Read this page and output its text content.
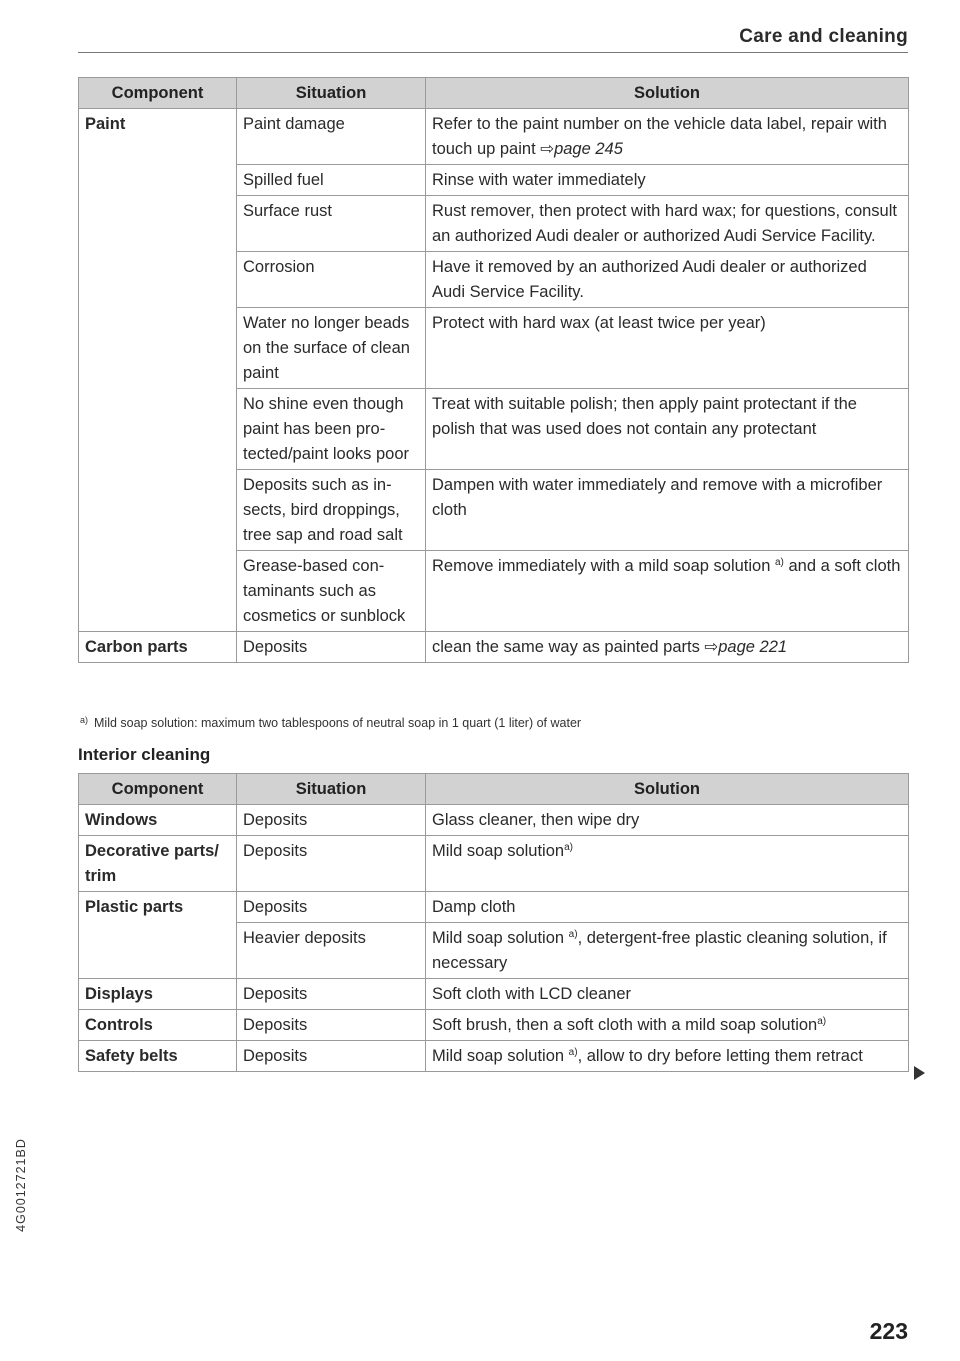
Care and cleaning
Component	Situation	Solution
Paint	Paint damage	Refer to the paint number on the vehicle data label, repair with touch up paint ⇨page 245
	Spilled fuel	Rinse with water immediately
	Surface rust	Rust remover, then protect with hard wax; for questions, consult an authorized Audi dealer or authorized Audi Service Facility.
	Corrosion	Have it removed by an authorized Audi dealer or authorized Audi Service Facility.
	Water no longer beads on the surface of clean paint	Protect with hard wax (at least twice per year)
	No shine even though paint has been protected/paint looks poor	Treat with suitable polish; then apply paint protectant if the polish that was used does not contain any protectant
	Deposits such as insects, bird droppings, tree sap and road salt	Dampen with water immediately and remove with a microfiber cloth
	Grease-based contaminants such as cosmetics or sunblock	Remove immediately with a mild soap solution $^{a)}$ and a soft cloth
Carbon parts	Deposits	clean the same way as painted parts ⇨page 221
$^{a)}$ Mild soap solution: maximum two tablespoons of neutral soap in 1 quart (1 liter) of water
Interior cleaning
Component	Situation	Solution
Windows	Deposits	Glass cleaner, then wipe dry
Decorative parts/ trim	Deposits	Mild soap solution$^{a)}$
Plastic parts	Deposits	Damp cloth
	Heavier deposits	Mild soap solution $^{a)}$, detergent-free plastic cleaning solution, if necessary
Displays	Deposits	Soft cloth with LCD cleaner
Controls	Deposits	Soft brush, then a soft cloth with a mild soap solution$^{a)}$
Safety belts	Deposits	Mild soap solution $^{a)}$, allow to dry before letting them retract
4G0012721BD
223
